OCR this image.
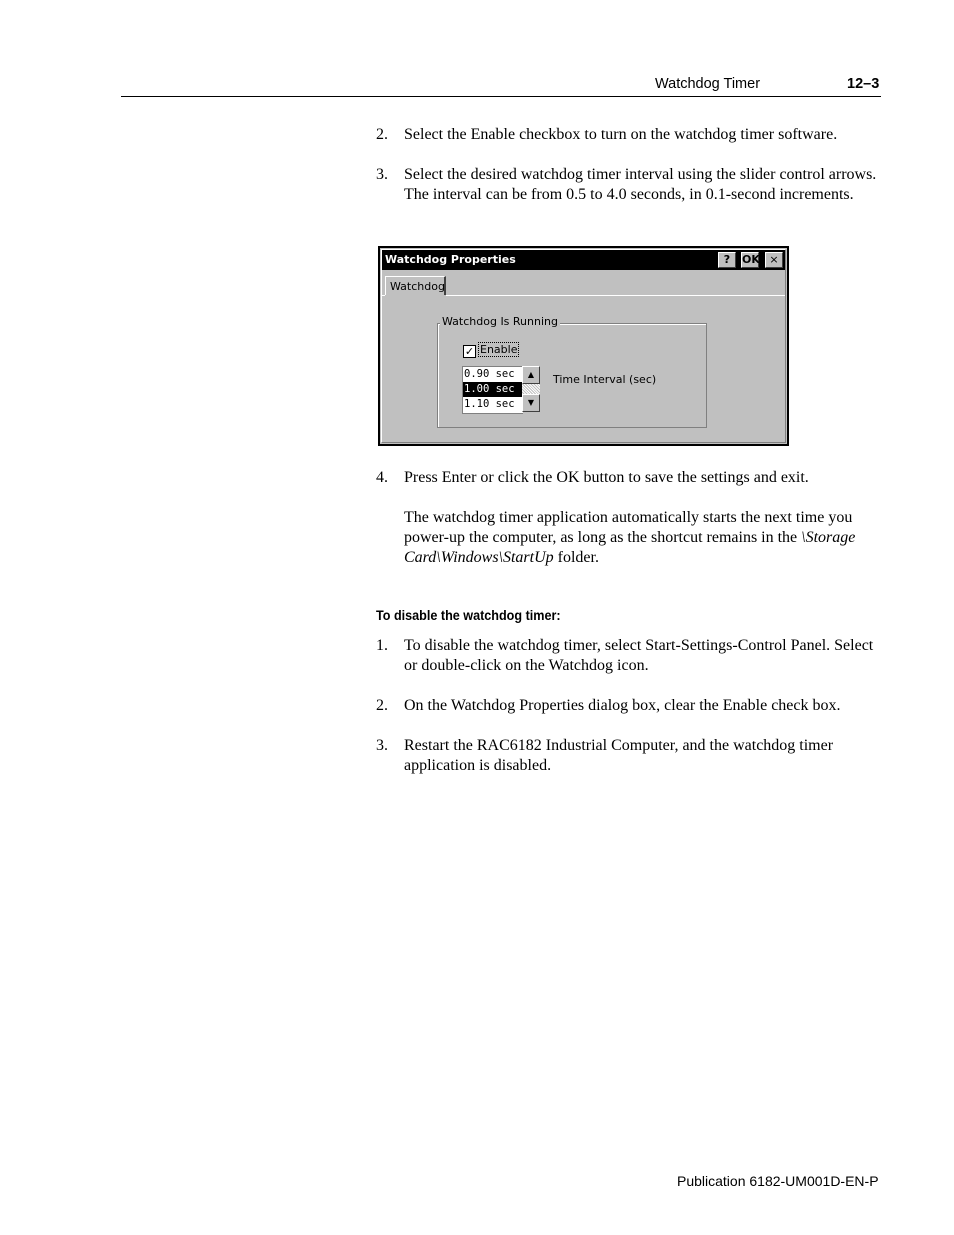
Watchdog Timer	12–3
2. Select the Enable checkbox to turn on the watchdog timer software.
3. Select the desired watchdog timer interval using the slider control arrows. The interval can be from 0.5 to 4.0 seconds, in 0.1-second increments.
Watchdog Properties	?	OK ×
Watchdog
Watchdog Is Running
✓ Enable
0.90 sec
1.00 sec
1.10 sec
▲
▼
Time Interval (sec)
4. Press Enter or click the OK button to save the settings and exit.
The watchdog timer application automatically starts the next time you power-up the computer, as long as the shortcut remains in the \Storage Card\Windows\StartUp folder.
To disable the watchdog timer:
1. To disable the watchdog timer, select Start-Settings-Control Panel. Select or double-click on the Watchdog icon.
2. On the Watchdog Properties dialog box, clear the Enable check box.
3. Restart the RAC6182 Industrial Computer, and the watchdog timer application is disabled.
Publication 6182-UM001D-EN-P
